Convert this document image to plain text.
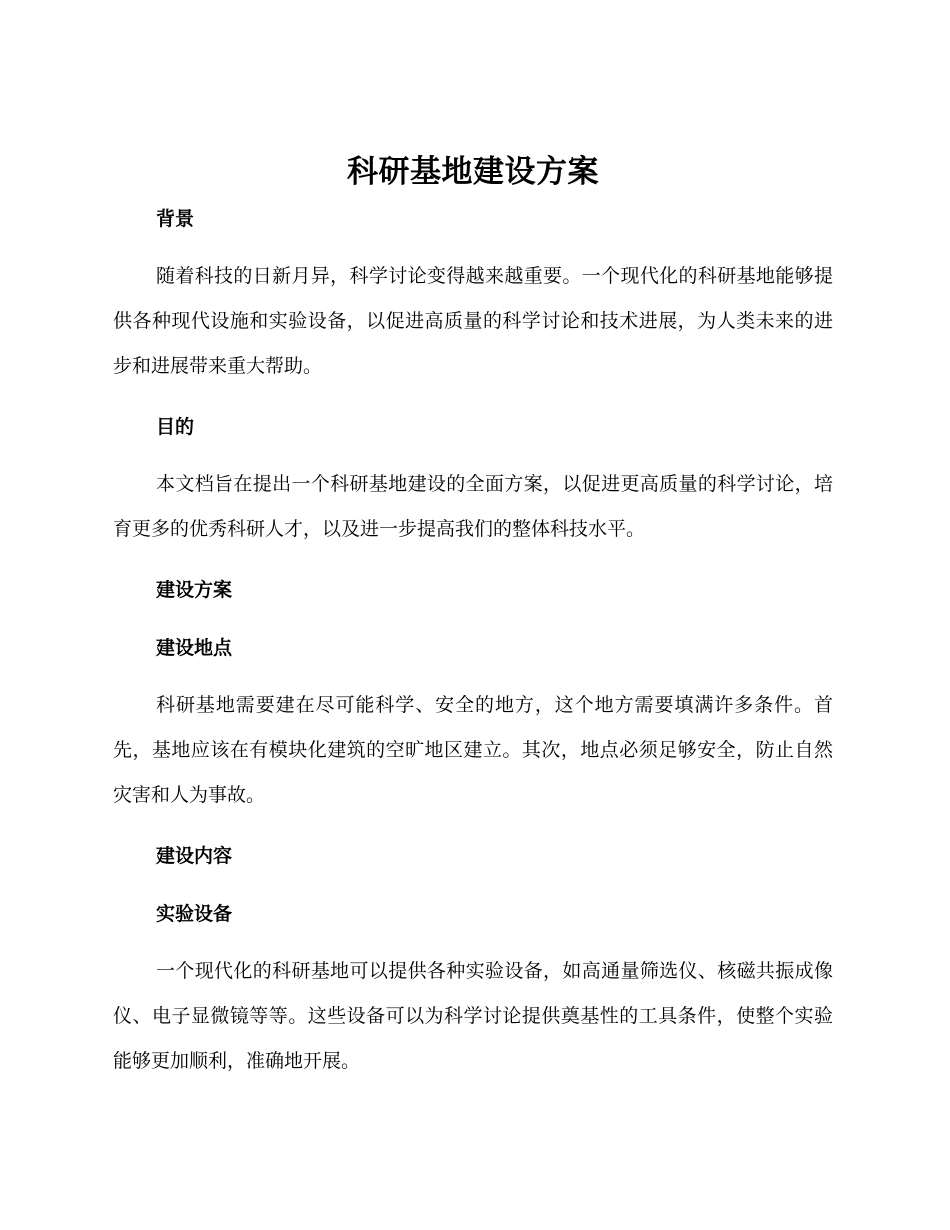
科研基地建设方案
背景

随着科技的日新月异，科学讨论变得越来越重要。一个现代化的科研基地能够提供各种现代设施和实验设备，以促进高质量的科学讨论和技术进展，为人类未来的进步和进展带来重大帮助。

目的

本文档旨在提出一个科研基地建设的全面方案，以促进更高质量的科学讨论，培育更多的优秀科研人才，以及进一步提高我们的整体科技水平。

建设方案
建设地点

科研基地需要建在尽可能科学、安全的地方，这个地方需要填满许多条件。首先，基地应该在有模块化建筑的空旷地区建立。其次，地点必须足够安全，防止自然灾害和人为事故。

建设内容
实验设备

一个现代化的科研基地可以提供各种实验设备，如高通量筛选仪、核磁共振成像仪、电子显微镜等等。这些设备可以为科学讨论提供奠基性的工具条件，使整个实验能够更加顺利，准确地开展。
